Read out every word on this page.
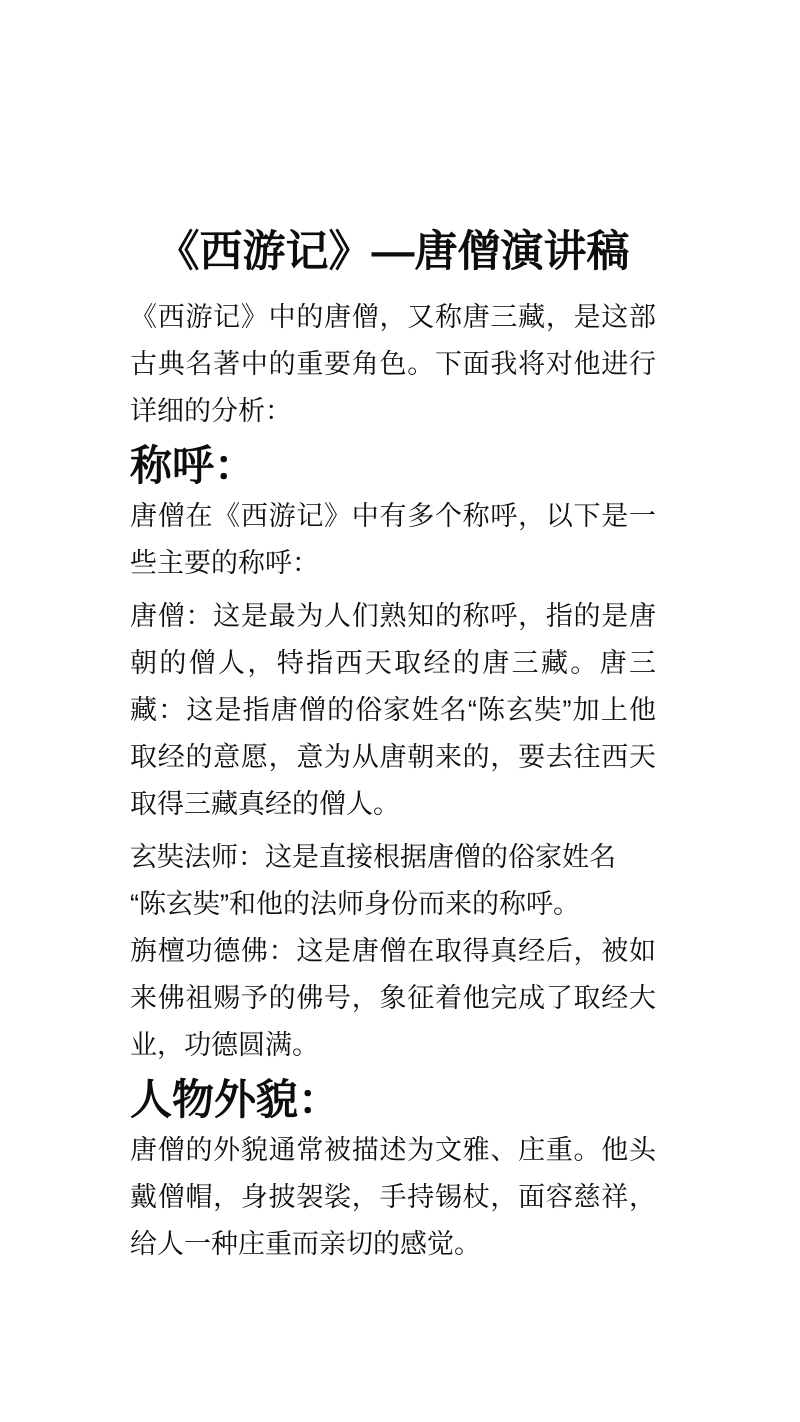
《西游记》—唐僧演讲稿

《西游记》中的唐僧，又称唐三藏，是这部
古典名著中的重要角色。下面我将对他进行
详细的分析：

称呼：

唐僧在《西游记》中有多个称呼，以下是一
些主要的称呼：

唐僧：这是最为人们熟知的称呼，指的是唐
朝的僧人，特指西天取经的唐三藏。唐三
藏：这是指唐僧的俗家姓名“陈玄奘”加上他
取经的意愿，意为从唐朝来的，要去往西天
取得三藏真经的僧人。

玄奘法师：这是直接根据唐僧的俗家姓名
“陈玄奘”和他的法师身份而来的称呼。
旃檀功德佛：这是唐僧在取得真经后，被如
来佛祖赐予的佛号，象征着他完成了取经大
业，功德圆满。

人物外貌：

唐僧的外貌通常被描述为文雅、庄重。他头
戴僧帽，身披袈裟，手持锡杖，面容慈祥，
给人一种庄重而亲切的感觉。
